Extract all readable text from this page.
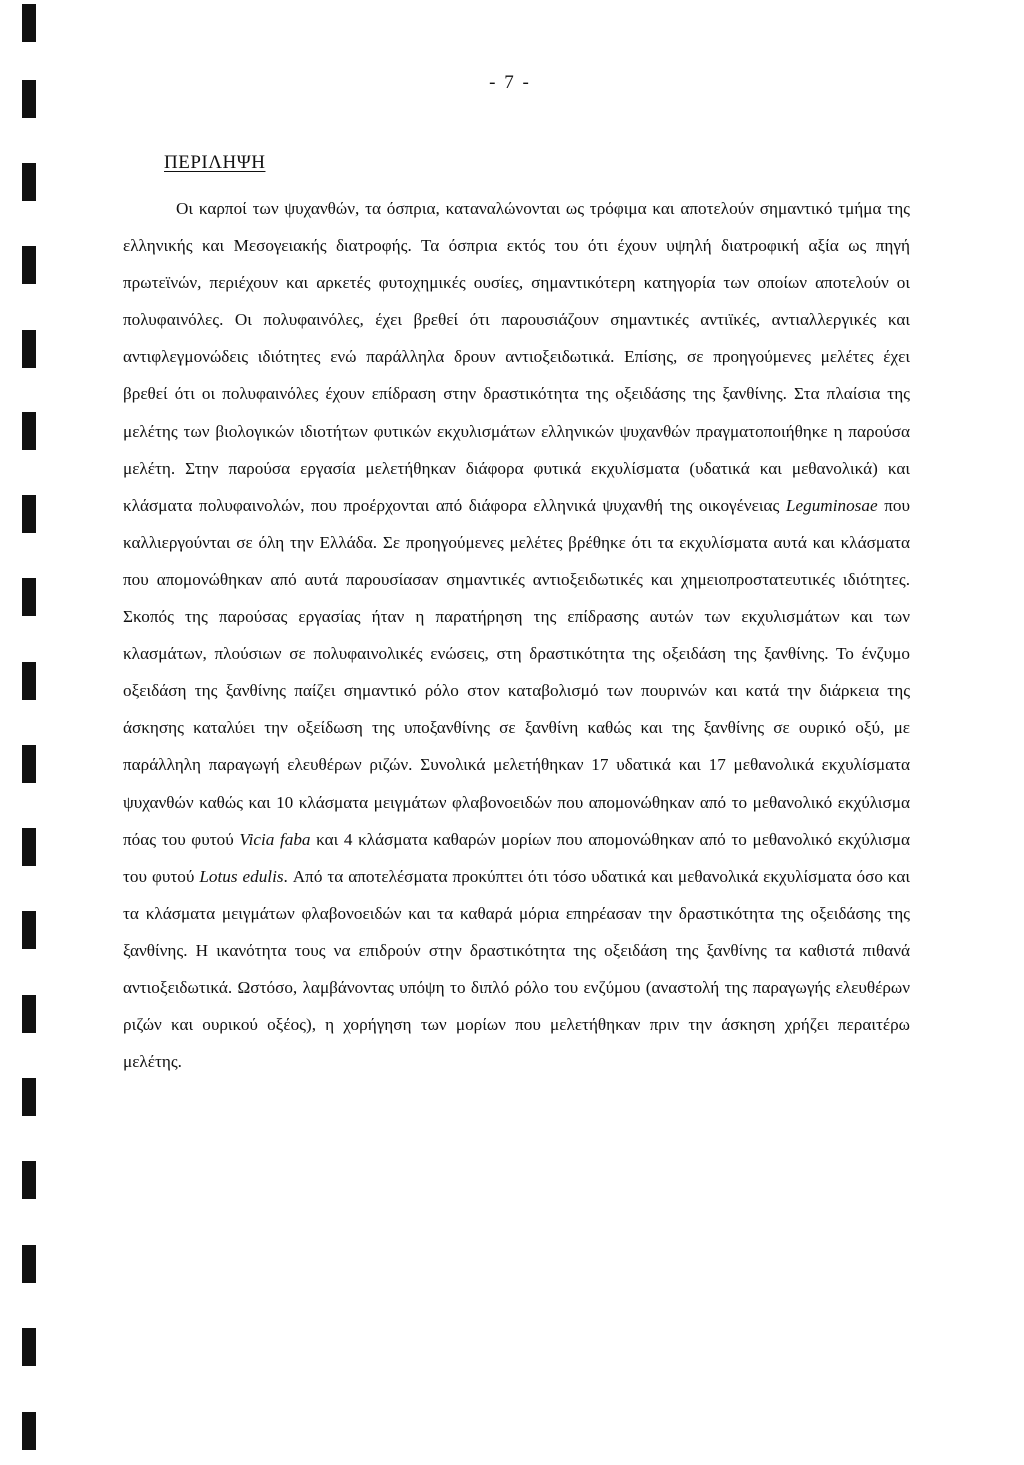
- 7 -
ΠΕΡΙΛΗΨΗ

Οι καρποί των ψυχανθών, τα όσπρια, καταναλώνονται ως τρόφιμα και αποτελούν σημαντικό τμήμα της ελληνικής και Μεσογειακής διατροφής. Τα όσπρια εκτός του ότι έχουν υψηλή διατροφική αξία ως πηγή πρωτεϊνών, περιέχουν και αρκετές φυτοχημικές ουσίες, σημαντικότερη κατηγορία των οποίων αποτελούν οι πολυφαινόλες. Οι πολυφαινόλες, έχει βρεθεί ότι παρουσιάζουν σημαντικές αντιϊκές, αντιαλλεργικές και αντιφλεγμονώδεις ιδιότητες ενώ παράλληλα δρουν αντιοξειδωτικά. Επίσης, σε προηγούμενες μελέτες έχει βρεθεί ότι οι πολυφαινόλες έχουν επίδραση στην δραστικότητα της οξειδάσης της ξανθίνης. Στα πλαίσια της μελέτης των βιολογικών ιδιοτήτων φυτικών εκχυλισμάτων ελληνικών ψυχανθών πραγματοποιήθηκε η παρούσα μελέτη. Στην παρούσα εργασία μελετήθηκαν διάφορα φυτικά εκχυλίσματα (υδατικά και μεθανολικά) και κλάσματα πολυφαινολών, που προέρχονται από διάφορα ελληνικά ψυχανθή της οικογένειας Leguminosae που καλλιεργούνται σε όλη την Ελλάδα. Σε προηγούμενες μελέτες βρέθηκε ότι τα εκχυλίσματα αυτά και κλάσματα που απομονώθηκαν από αυτά παρουσίασαν σημαντικές αντιοξειδωτικές και χημειοπροστατευτικές ιδιότητες. Σκοπός της παρούσας εργασίας ήταν η παρατήρηση της επίδρασης αυτών των εκχυλισμάτων και των κλασμάτων, πλούσιων σε πολυφαινολικές ενώσεις, στη δραστικότητα της οξειδάση της ξανθίνης. Το ένζυμο οξειδάση της ξανθίνης παίζει σημαντικό ρόλο στον καταβολισμό των πουρινών και κατά την διάρκεια της άσκησης καταλύει την οξείδωση της υποξανθίνης σε ξανθίνη καθώς και της ξανθίνης σε ουρικό οξύ, με παράλληλη παραγωγή ελευθέρων ριζών. Συνολικά μελετήθηκαν 17 υδατικά και 17 μεθανολικά εκχυλίσματα ψυχανθών καθώς και 10 κλάσματα μειγμάτων φλαβονοειδών που απομονώθηκαν από το μεθανολικό εκχύλισμα πόας του φυτού Vicia faba και 4 κλάσματα καθαρών μορίων που απομονώθηκαν από το μεθανολικό εκχύλισμα του φυτού Lotus edulis. Από τα αποτελέσματα προκύπτει ότι τόσο υδατικά και μεθανολικά εκχυλίσματα όσο και τα κλάσματα μειγμάτων φλαβονοειδών και τα καθαρά μόρια επηρέασαν την δραστικότητα της οξειδάσης της ξανθίνης. Η ικανότητα τους να επιδρούν στην δραστικότητα της οξειδάση της ξανθίνης τα καθιστά πιθανά αντιοξειδωτικά. Ωστόσο, λαμβάνοντας υπόψη το διπλό ρόλο του ενζύμου (αναστολή της παραγωγής ελευθέρων ριζών και ουρικού οξέος), η χορήγηση των μορίων που μελετήθηκαν πριν την άσκηση χρήζει περαιτέρω μελέτης.
